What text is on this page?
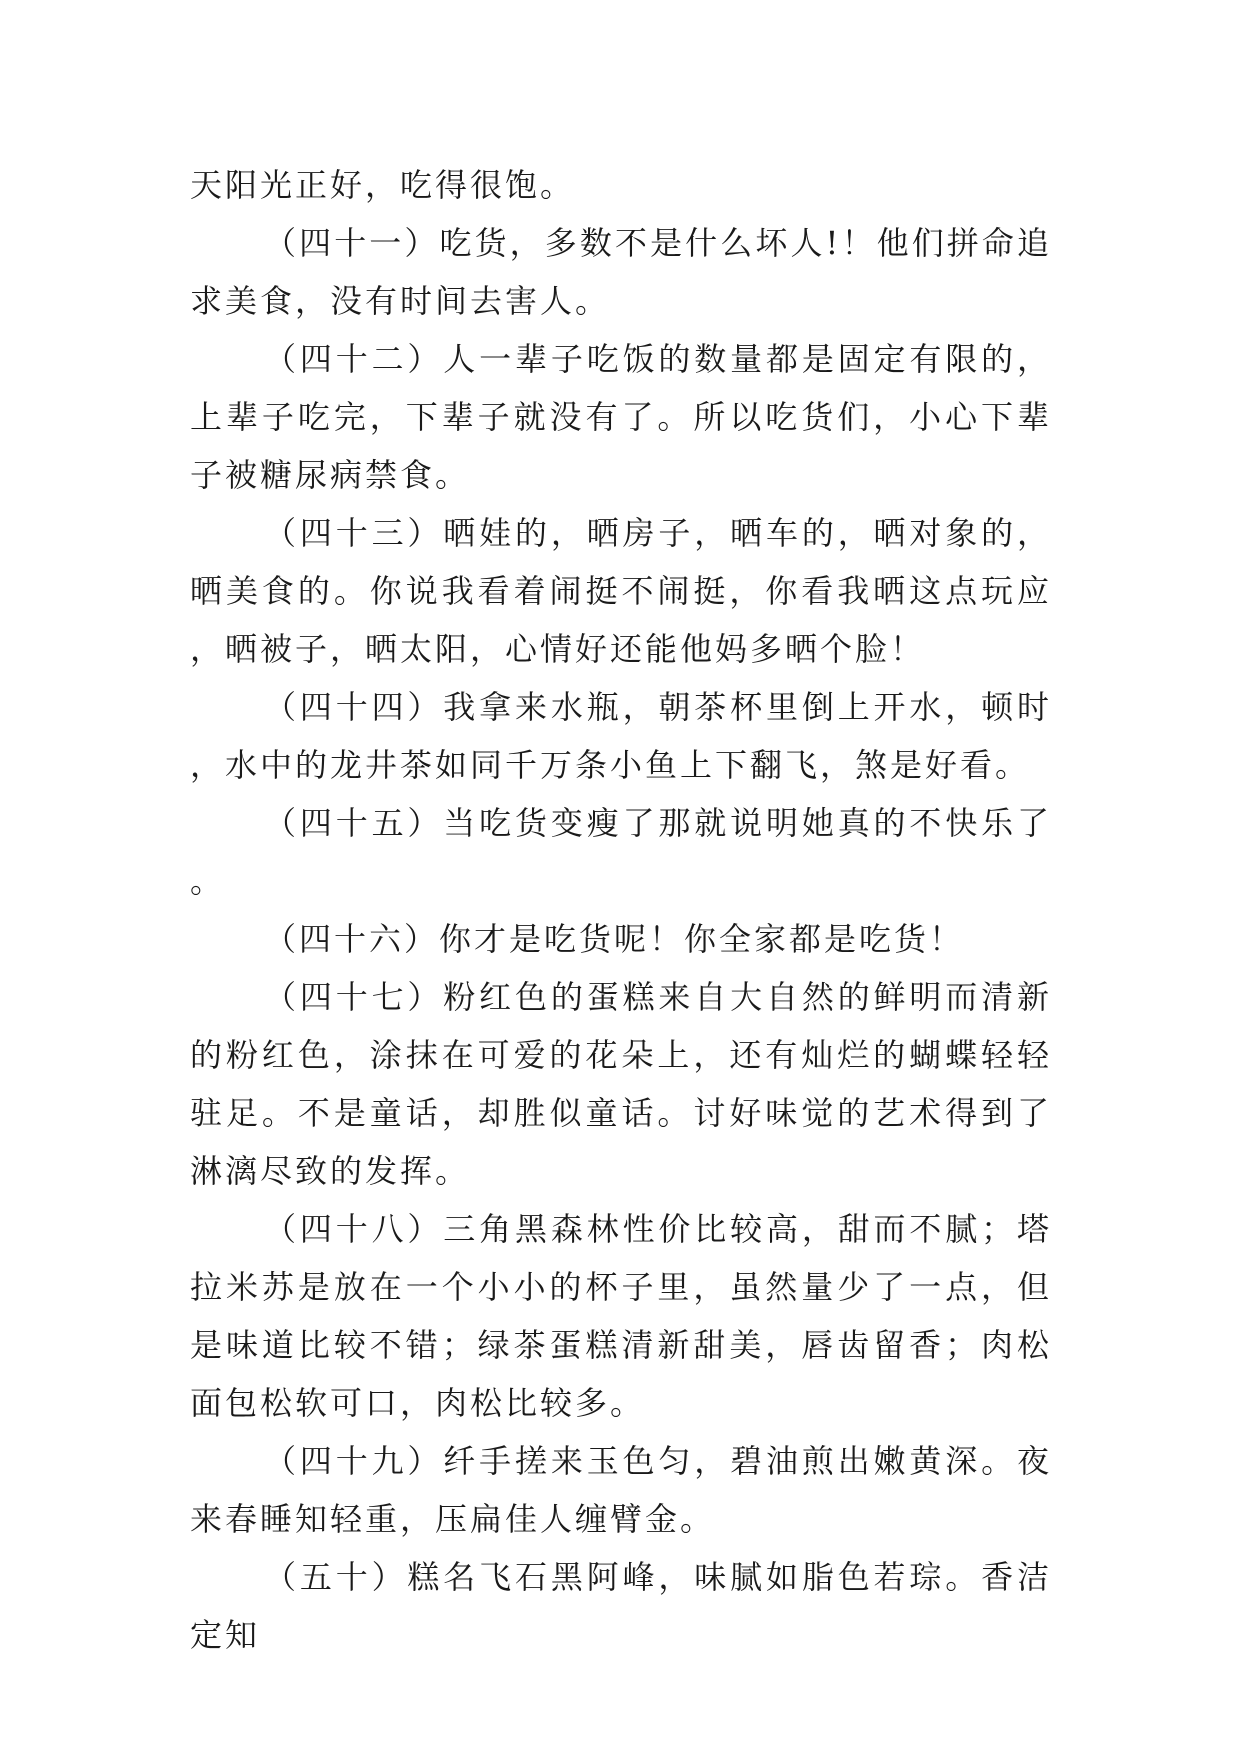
天阳光正好，吃得很饱。

（四十一）吃货，多数不是什么坏人!！他们拼命追求美食，没有时间去害人。

（四十二）人一辈子吃饭的数量都是固定有限的，上辈子吃完，下辈子就没有了。所以吃货们，小心下辈子被糖尿病禁食。

（四十三）晒娃的，晒房子，晒车的，晒对象的，晒美食的。你说我看着闹挺不闹挺，你看我晒这点玩应，晒被子，晒太阳，心情好还能他妈多晒个脸！

（四十四）我拿来水瓶，朝茶杯里倒上开水，顿时，水中的龙井茶如同千万条小鱼上下翻飞，煞是好看。

（四十五）当吃货变瘦了那就说明她真的不快乐了。

（四十六）你才是吃货呢！你全家都是吃货！

（四十七）粉红色的蛋糕来自大自然的鲜明而清新的粉红色，涂抹在可爱的花朵上，还有灿烂的蝴蝶轻轻驻足。不是童话，却胜似童话。讨好味觉的艺术得到了淋漓尽致的发挥。

（四十八）三角黑森林性价比较高，甜而不腻；塔拉米苏是放在一个小小的杯子里，虽然量少了一点，但是味道比较不错；绿茶蛋糕清新甜美，唇齿留香；肉松面包松软可口，肉松比较多。

（四十九）纤手搓来玉色匀，碧油煎出嫩黄深。夜来春睡知轻重，压扁佳人缠臂金。

（五十）糕名飞石黑阿峰，味腻如脂色若琮。香洁定知
